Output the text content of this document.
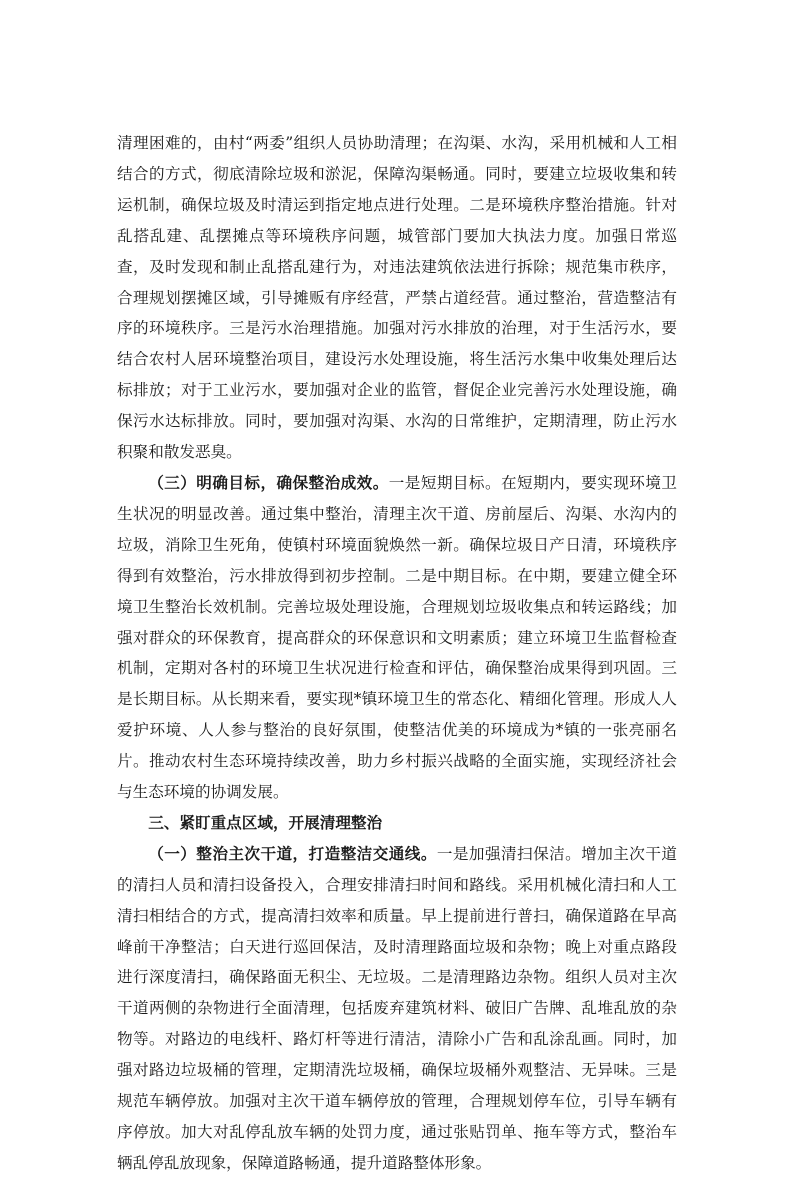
清理困难的，由村“两委”组织人员协助清理；在沟渠、水沟，采用机械和人工相结合的方式，彻底清除垃圾和淤泥，保障沟渠畅通。同时，要建立垃圾收集和转运机制，确保垃圾及时清运到指定地点进行处理。二是环境秩序整治措施。针对乱搭乱建、乱摆摊点等环境秩序问题，城管部门要加大执法力度。加强日常巡查，及时发现和制止乱搭乱建行为，对违法建筑依法进行拆除；规范集市秩序，合理规划摆摊区域，引导摊贩有序经营，严禁占道经营。通过整治，营造整洁有序的环境秩序。三是污水治理措施。加强对污水排放的治理，对于生活污水，要结合农村人居环境整治项目，建设污水处理设施，将生活污水集中收集处理后达标排放；对于工业污水，要加强对企业的监管，督促企业完善污水处理设施，确保污水达标排放。同时，要加强对沟渠、水沟的日常维护，定期清理，防止污水积聚和散发恶臭。

（三）明确目标，确保整治成效。一是短期目标。在短期内，要实现环境卫生状况的明显改善。通过集中整治，清理主次干道、房前屋后、沟渠、水沟内的垃圾，消除卫生死角，使镇村环境面貌焕然一新。确保垃圾日产日清，环境秩序得到有效整治，污水排放得到初步控制。二是中期目标。在中期，要建立健全环境卫生整治长效机制。完善垃圾处理设施，合理规划垃圾收集点和转运路线；加强对群众的环保教育，提高群众的环保意识和文明素质；建立环境卫生监督检查机制，定期对各村的环境卫生状况进行检查和评估，确保整治成果得到巩固。三是长期目标。从长期来看，要实现*镇环境卫生的常态化、精细化管理。形成人人爱护环境、人人参与整治的良好氛围，使整洁优美的环境成为*镇的一张亮丽名片。推动农村生态环境持续改善，助力乡村振兴战略的全面实施，实现经济社会与生态环境的协调发展。

三、紧盯重点区域，开展清理整治

（一）整治主次干道，打造整洁交通线。一是加强清扫保洁。增加主次干道的清扫人员和清扫设备投入，合理安排清扫时间和路线。采用机械化清扫和人工清扫相结合的方式，提高清扫效率和质量。早上提前进行普扫，确保道路在早高峰前干净整洁；白天进行巡回保洁，及时清理路面垃圾和杂物；晚上对重点路段进行深度清扫，确保路面无积尘、无垃圾。二是清理路边杂物。组织人员对主次干道两侧的杂物进行全面清理，包括废弃建筑材料、破旧广告牌、乱堆乱放的杂物等。对路边的电线杆、路灯杆等进行清洁，清除小广告和乱涂乱画。同时，加强对路边垃圾桶的管理，定期清洗垃圾桶，确保垃圾桶外观整洁、无异味。三是规范车辆停放。加强对主次干道车辆停放的管理，合理规划停车位，引导车辆有序停放。加大对乱停乱放车辆的处罚力度，通过张贴罚单、拖车等方式，整治车辆乱停乱放现象，保障道路畅通，提升道路整体形象。
